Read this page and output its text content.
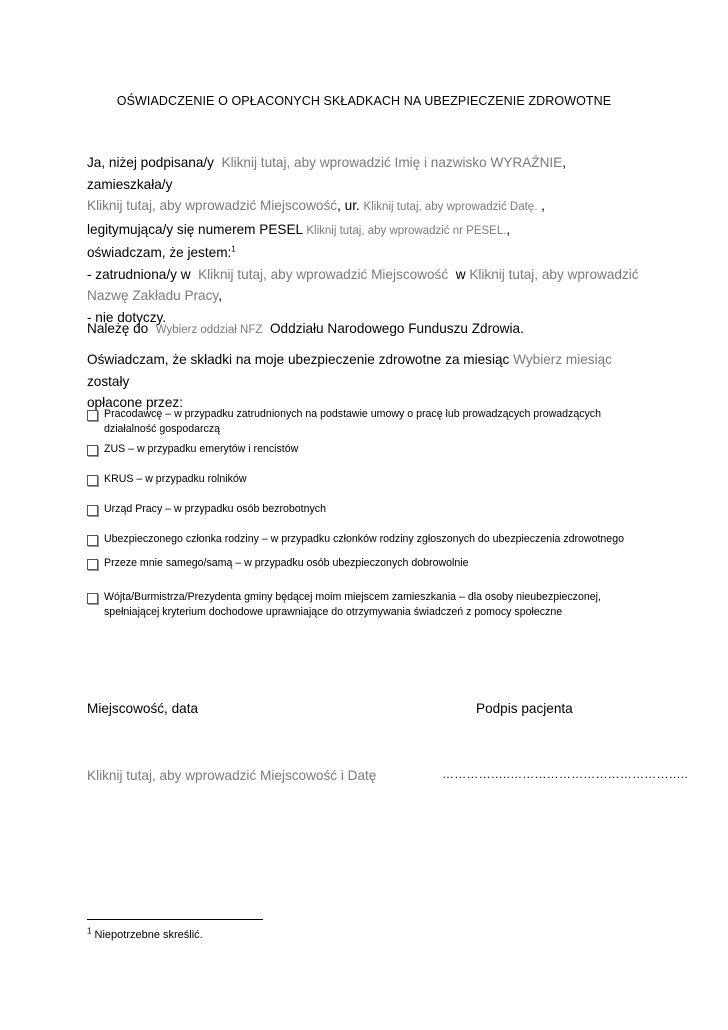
OŚWIADCZENIE O OPŁACONYCH SKŁADKACH NA UBEZPIECZENIE ZDROWOTNE
Ja, niżej podpisana/y Kliknij tutaj, aby wprowadzić Imię i nazwisko WYRAŹNIE, zamieszkała/y
Kliknij tutaj, aby wprowadzić Miejscowość, ur. Kliknij tutaj, aby wprowadzić Datę. ,
legitymująca/y się numerem PESEL Kliknij tutaj, aby wprowadzić nr PESEL.,
oświadczam, że jestem:$^1$
- zatrudniona/y w Kliknij tutaj, aby wprowadzić Miejscowość w Kliknij tutaj, aby wprowadzić Nazwę Zakładu Pracy,
- nie dotyczy.
Należę do Wybierz oddział NFZ Oddziału Narodowego Funduszu Zdrowia.
Oświadczam, że składki na moje ubezpieczenie zdrowotne za miesiąc Wybierz miesiąc zostały
opłacone przez:
Pracodawcę – w przypadku zatrudnionych na podstawie umowy o pracę lub prowadzących prowadzących działalność gospodarczą
ZUS – w przypadku emerytów i rencistów
KRUS – w przypadku rolników
Urząd Pracy – w przypadku osób bezrobotnych
Ubezpieczonego członka rodziny – w przypadku członków rodziny zgłoszonych do ubezpieczenia zdrowotnego
Przeze mnie samego/samą – w przypadku osób ubezpieczonych dobrowolnie
Wójta/Burmistrza/Prezydenta gminy będącej moim miejscem zamieszkania – dla osoby nieubezpieczonej, spełniającej kryterium dochodowe uprawniające do otrzymywania świadczeń z pomocy społeczne
Miejscowość, data	Podpis pacjenta
Kliknij tutaj, aby wprowadzić Miejscowość i Datę	……………..……………………………………..
$^1$ Niepotrzebne skreślić.
